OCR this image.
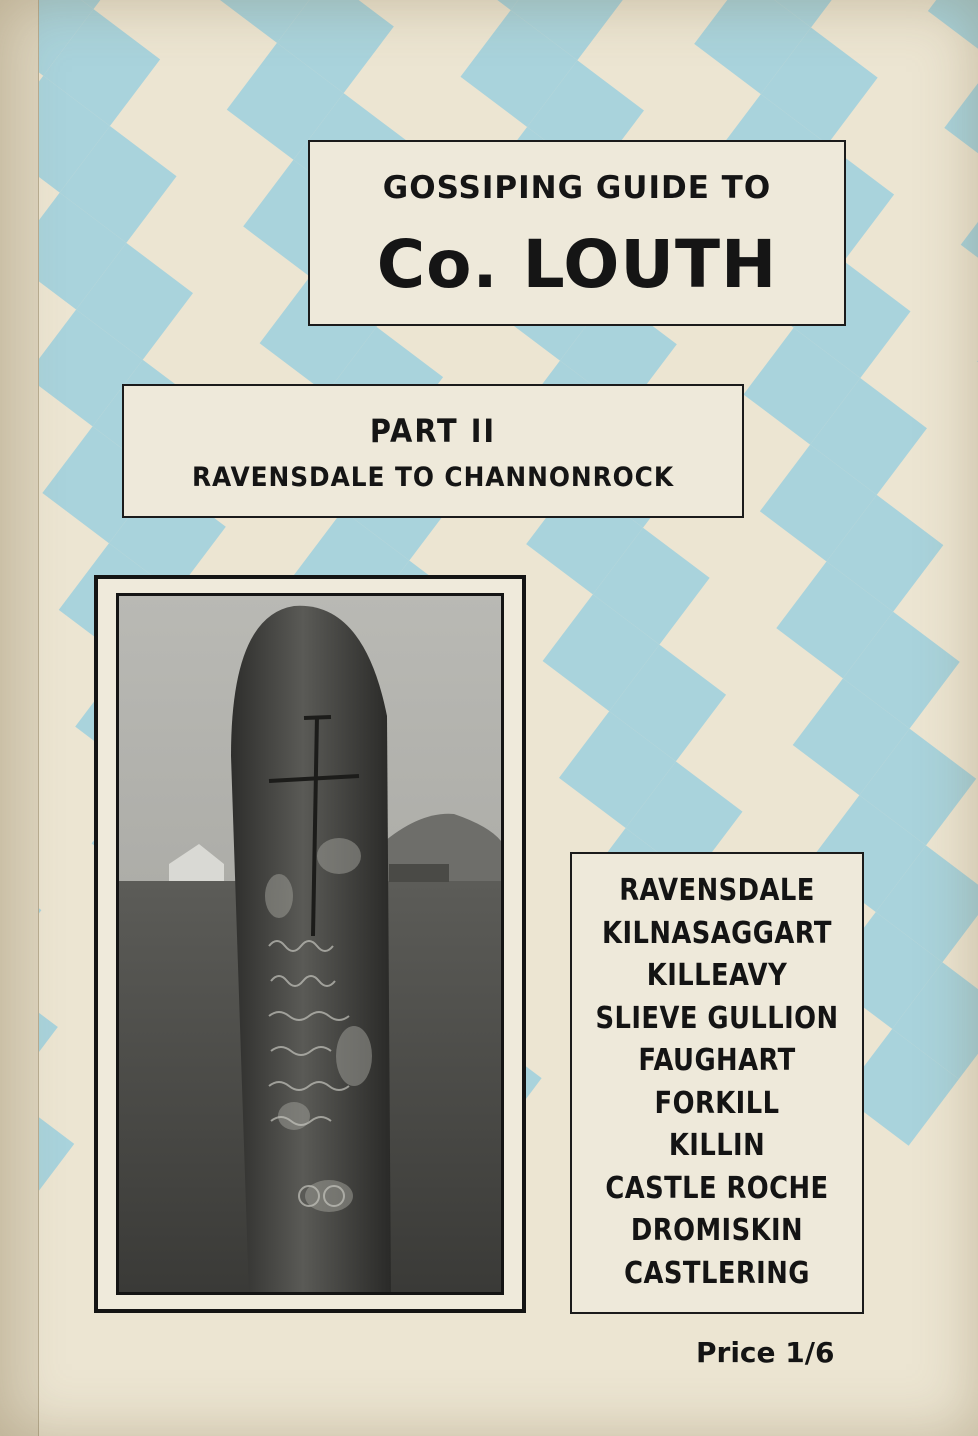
GOSSIPING GUIDE TO
Co. LOUTH
PART II
RAVENSDALE TO CHANNONROCK
RAVENSDALE
KILNASAGGART
KILLEAVY
SLIEVE GULLION
FAUGHART
FORKILL
KILLIN
CASTLE ROCHE
DROMISKIN
CASTLERING
Price 1/6
